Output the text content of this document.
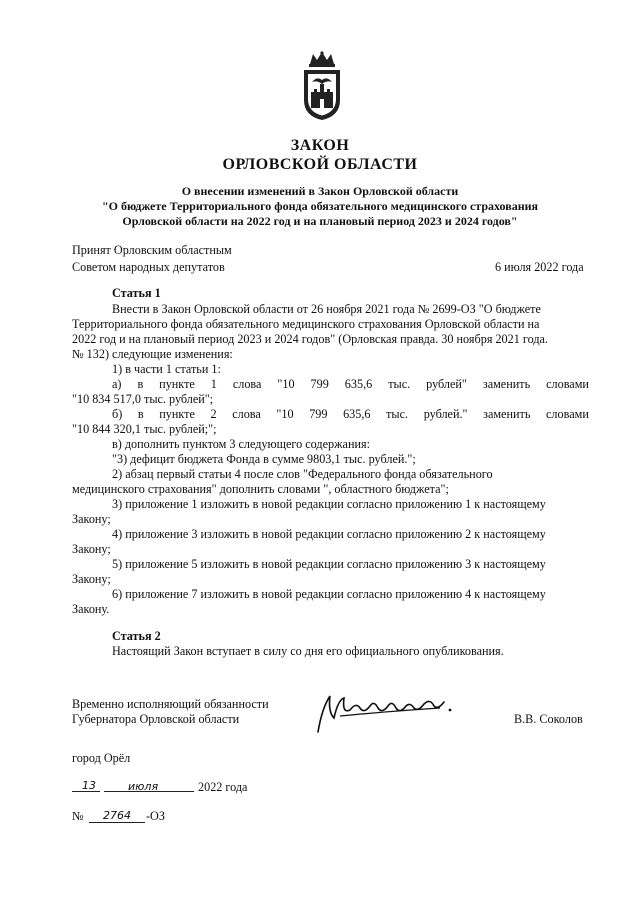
ЗАКОН
ОРЛОВСКОЙ ОБЛАСТИ
О внесении изменений в Закон Орловской области
"О бюджете Территориального фонда обязательного медицинского страхования
Орловской области на 2022 год и на плановый период 2023 и 2024 годов"
Принят Орловским областным
Советом народных депутатов	6 июля 2022 года
Статья 1
Внести в Закон Орловской области от 26 ноября 2021 года № 2699-ОЗ "О бюджете
Территориального фонда обязательного медицинского страхования Орловской области на
2022 год и на плановый период 2023 и 2024 годов" (Орловская правда. 30 ноября 2021 года.
№ 132) следующие изменения:
1) в части 1 статьи 1:
а) в пункте 1 слова "10 799 635,6 тыс. рублей" заменить словами
"10 834 517,0 тыс. рублей";
б) в пункте 2 слова "10 799 635,6 тыс. рублей." заменить словами
"10 844 320,1 тыс. рублей;";
в) дополнить пунктом 3 следующего содержания:
"3) дефицит бюджета Фонда в сумме 9803,1 тыс. рублей.";
2) абзац первый статьи 4 после слов "Федерального фонда обязательного
медицинского страхования" дополнить словами ", областного бюджета";
3) приложение 1 изложить в новой редакции согласно приложению 1 к настоящему
Закону;
4) приложение 3 изложить в новой редакции согласно приложению 2 к настоящему
Закону;
5) приложение 5 изложить в новой редакции согласно приложению 3 к настоящему
Закону;
6) приложение 7 изложить в новой редакции согласно приложению 4 к настоящему
Закону.
Статья 2
Настоящий Закон вступает в силу со дня его официального опубликования.
Временно исполняющий обязанности
Губернатора Орловской области	В.В. Соколов
город Орёл
13	июля	2022 года
№ 2764 -ОЗ
